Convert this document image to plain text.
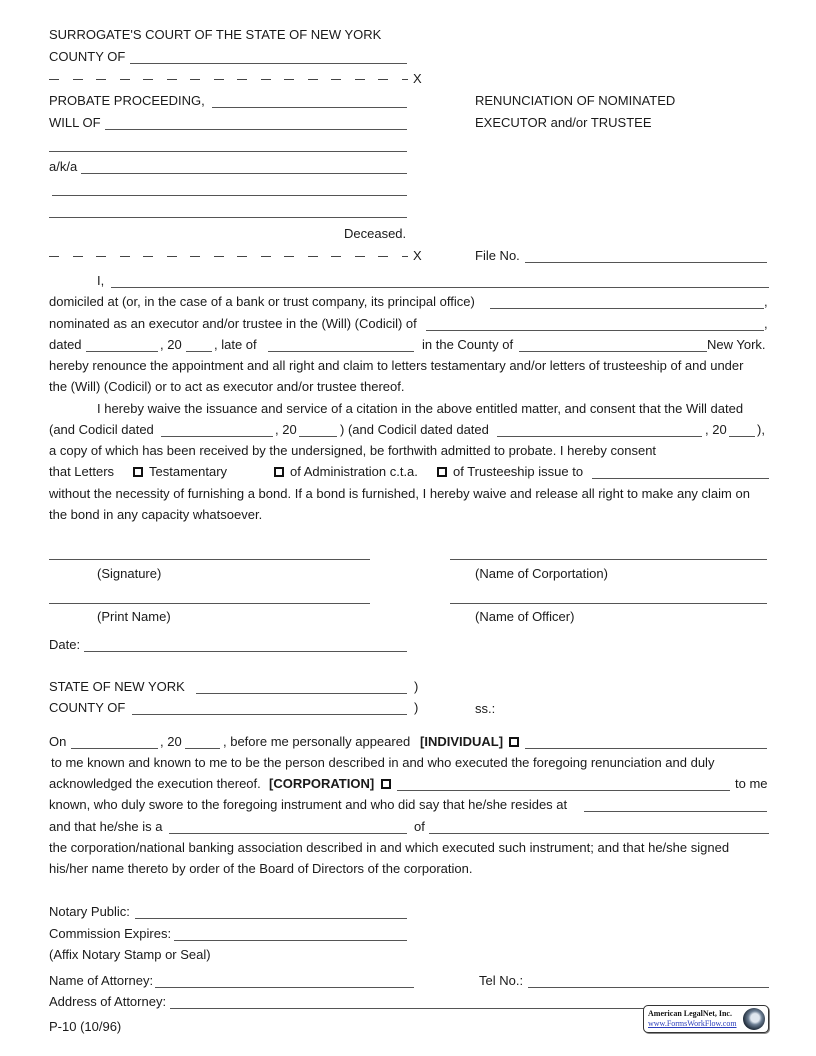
SURROGATE'S COURT OF THE STATE OF NEW YORK
COUNTY OF
X
PROBATE PROCEEDING,
WILL OF
a/k/a
Deceased.
X
RENUNCIATION OF NOMINATED
EXECUTOR and/or TRUSTEE
File No.
I,
domiciled at (or, in the case of a bank or trust company, its principal office)	,
nominated as an executor and/or trustee in the (Will) (Codicil) of	,
dated	, 20 , late of	in the County of	New York.
hereby renounce the appointment and all right and claim to letters testamentary and/or letters of trusteeship of and under
the (Will) (Codicil) or to act as executor and/or trustee thereof.
I hereby waive the issuance and service of a citation in the above entitled matter, and consent that the Will dated
(and Codicil dated	, 20	) (and Codicil dated dated	, 20 ),
a copy of which has been received by the undersigned, be forthwith admitted to probate. I hereby consent
that Letters	Testamentary	of Administration c.t.a.	of Trusteeship issue to
without the necessity of furnishing a bond. If a bond is furnished, I hereby waive and release all right to make any claim on
the bond in any capacity whatsoever.
(Signature)	(Name of Corportation)
(Print Name)	(Name of Officer)
Date:
STATE OF NEW YORK	)
COUNTY OF	)	ss.:
On	, 20	, before me personally appeared [INDIVIDUAL]
to me known and known to me to be the person described in and who executed the foregoing renunciation and duly
acknowledged the execution thereof. [CORPORATION]	to me
known, who duly swore to the foregoing instrument and who did say that he/she resides at
and that he/she is a	of
the corporation/national banking association described in and which executed such instrument; and that he/she signed
his/her name thereto by order of the Board of Directors of the corporation.
Notary Public:
Commission Expires:
(Affix Notary Stamp or Seal)
Name of Attorney:	Tel No.:
Address of Attorney:
P-10 (10/96)
American LegalNet, Inc.
www.FormsWorkFlow.com
